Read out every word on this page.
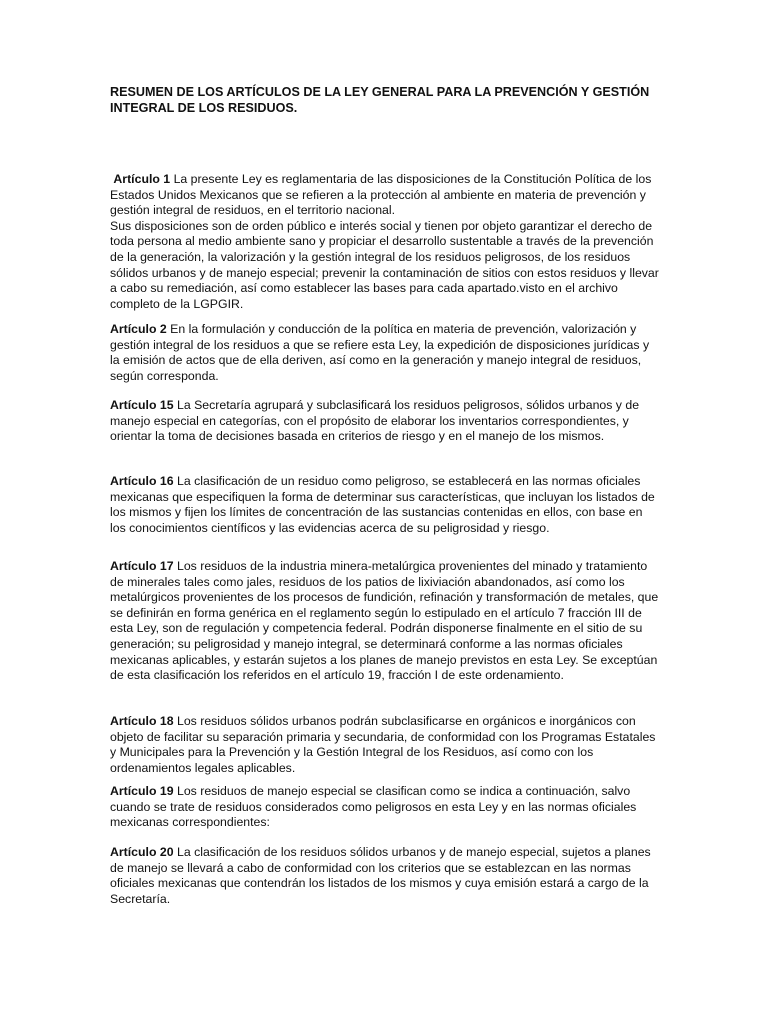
RESUMEN DE LOS ARTÍCULOS DE LA LEY GENERAL PARA LA PREVENCIÓN Y GESTIÓN INTEGRAL DE LOS RESIDUOS.

Artículo 1 La presente Ley es reglamentaria de las disposiciones de la Constitución Política de los Estados Unidos Mexicanos que se refieren a la protección al ambiente en materia de prevención y gestión integral de residuos, en el territorio nacional.
Sus disposiciones son de orden público e interés social y tienen por objeto garantizar el derecho de toda persona al medio ambiente sano y propiciar el desarrollo sustentable a través de la prevención de la generación, la valorización y la gestión integral de los residuos peligrosos, de los residuos sólidos urbanos y de manejo especial; prevenir la contaminación de sitios con estos residuos y llevar a cabo su remediación, así como establecer las bases para cada apartado.visto en el archivo completo de la LGPGIR.

Artículo 2 En la formulación y conducción de la política en materia de prevención, valorización y gestión integral de los residuos a que se refiere esta Ley, la expedición de disposiciones jurídicas y la emisión de actos que de ella deriven, así como en la generación y manejo integral de residuos, según corresponda.

Artículo 15 La Secretaría agrupará y subclasificará los residuos peligrosos, sólidos urbanos y de manejo especial en categorías, con el propósito de elaborar los inventarios correspondientes, y orientar la toma de decisiones basada en criterios de riesgo y en el manejo de los mismos.

Artículo 16 La clasificación de un residuo como peligroso, se establecerá en las normas oficiales mexicanas que especifiquen la forma de determinar sus características, que incluyan los listados de los mismos y fijen los límites de concentración de las sustancias contenidas en ellos, con base en los conocimientos científicos y las evidencias acerca de su peligrosidad y riesgo.

Artículo 17 Los residuos de la industria minera-metalúrgica provenientes del minado y tratamiento de minerales tales como jales, residuos de los patios de lixiviación abandonados, así como los metalúrgicos provenientes de los procesos de fundición, refinación y transformación de metales, que se definirán en forma genérica en el reglamento según lo estipulado en el artículo 7 fracción III de esta Ley, son de regulación y competencia federal. Podrán disponerse finalmente en el sitio de su generación; su peligrosidad y manejo integral, se determinará conforme a las normas oficiales mexicanas aplicables, y estarán sujetos a los planes de manejo previstos en esta Ley. Se exceptúan de esta clasificación los referidos en el artículo 19, fracción I de este ordenamiento.

Artículo 18 Los residuos sólidos urbanos podrán subclasificarse en orgánicos e inorgánicos con objeto de facilitar su separación primaria y secundaria, de conformidad con los Programas Estatales y Municipales para la Prevención y la Gestión Integral de los Residuos, así como con los ordenamientos legales aplicables.

Artículo 19 Los residuos de manejo especial se clasifican como se indica a continuación, salvo cuando se trate de residuos considerados como peligrosos en esta Ley y en las normas oficiales mexicanas correspondientes:

Artículo 20 La clasificación de los residuos sólidos urbanos y de manejo especial, sujetos a planes de manejo se llevará a cabo de conformidad con los criterios que se establezcan en las normas oficiales mexicanas que contendrán los listados de los mismos y cuya emisión estará a cargo de la Secretaría.
